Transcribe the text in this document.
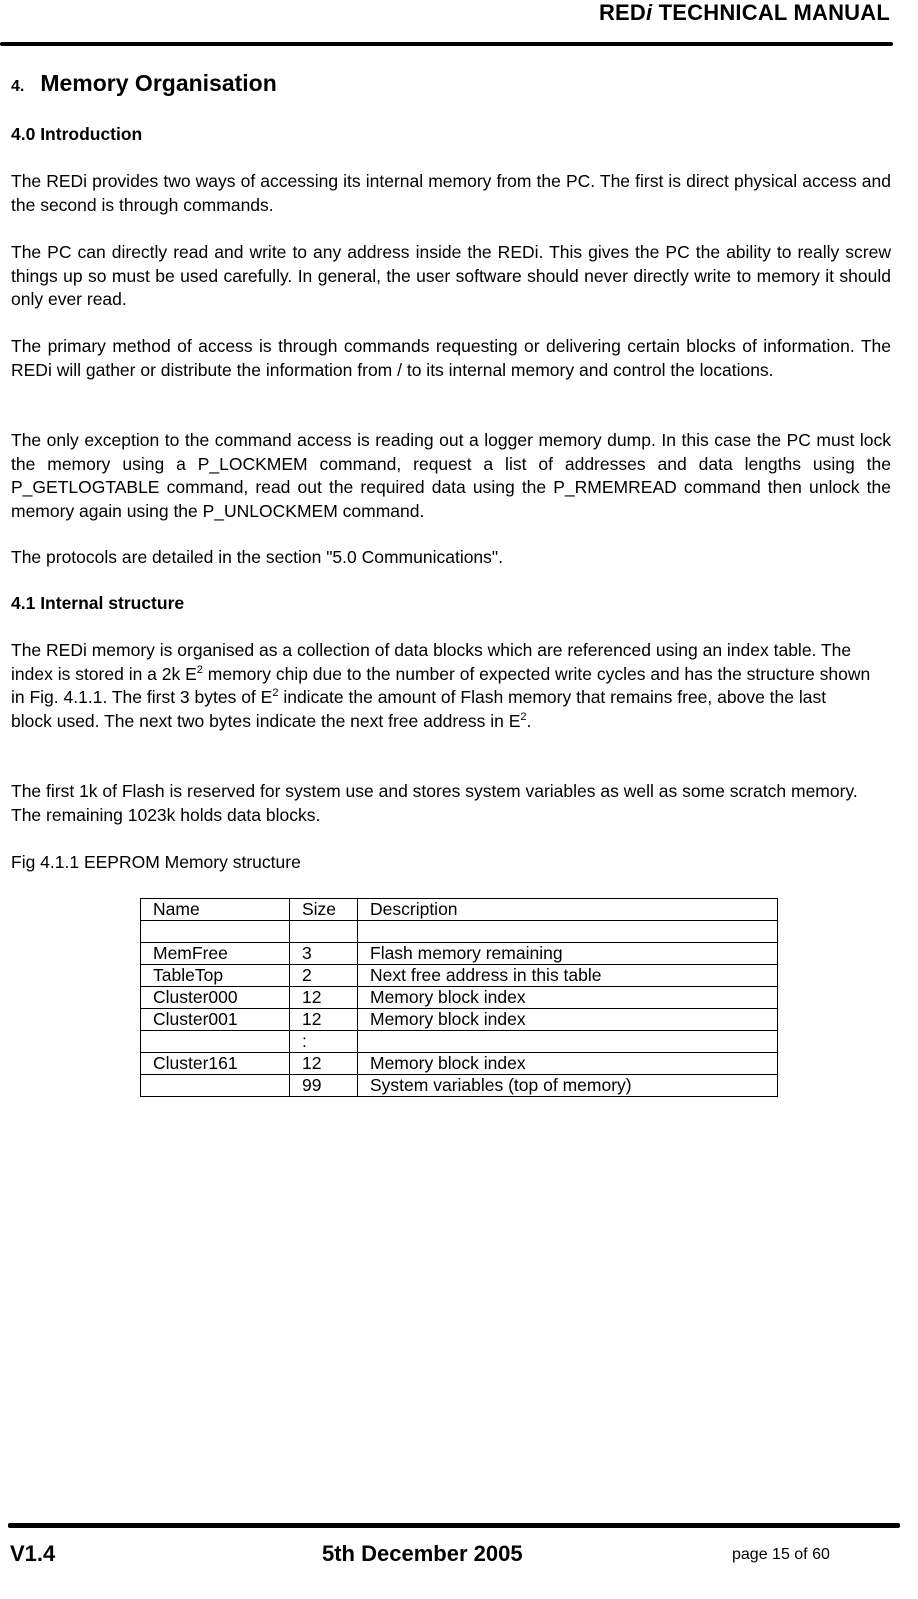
REDi TECHNICAL MANUAL
4. Memory Organisation
4.0 Introduction
The REDi provides two ways of accessing its internal memory from the PC. The first is direct physical access and the second is through commands.
The PC can directly read and write to any address inside the REDi. This gives the PC the ability to really screw things up so must be used carefully. In general, the user software should never directly write to memory it should only ever read.
The primary method of access is through commands requesting or delivering certain blocks of information. The REDi will gather or distribute the information from / to its internal memory and control the locations.
The only exception to the command access is reading out a logger memory dump. In this case the PC must lock the memory using a P_LOCKMEM command, request a list of addresses and data lengths using the P_GETLOGTABLE command, read out the required data using the P_RMEMREAD command then unlock the memory again using the P_UNLOCKMEM command.
The protocols are detailed in the section "5.0 Communications".
4.1 Internal structure
The REDi memory is organised as a collection of data blocks which are referenced using an index table. The index is stored in a 2k $E^2$ memory chip due to the number of expected write cycles and has the structure shown in Fig. 4.1.1. The first 3 bytes of $E^2$ indicate the amount of Flash memory that remains free, above the last block used. The next two bytes indicate the next free address in $E^2$.
The first 1k of Flash is reserved for system use and stores system variables as well as some scratch memory. The remaining 1023k holds data blocks.
Fig 4.1.1 EEPROM Memory structure
Name	Size	Description

MemFree	3	Flash memory remaining
TableTop	2	Next free address in this table
Cluster000	12	Memory block index
Cluster001	12	Memory block index
	:	
Cluster161	12	Memory block index
	99	System variables (top of memory)
V1.4	5th December 2005	page 15 of 60
